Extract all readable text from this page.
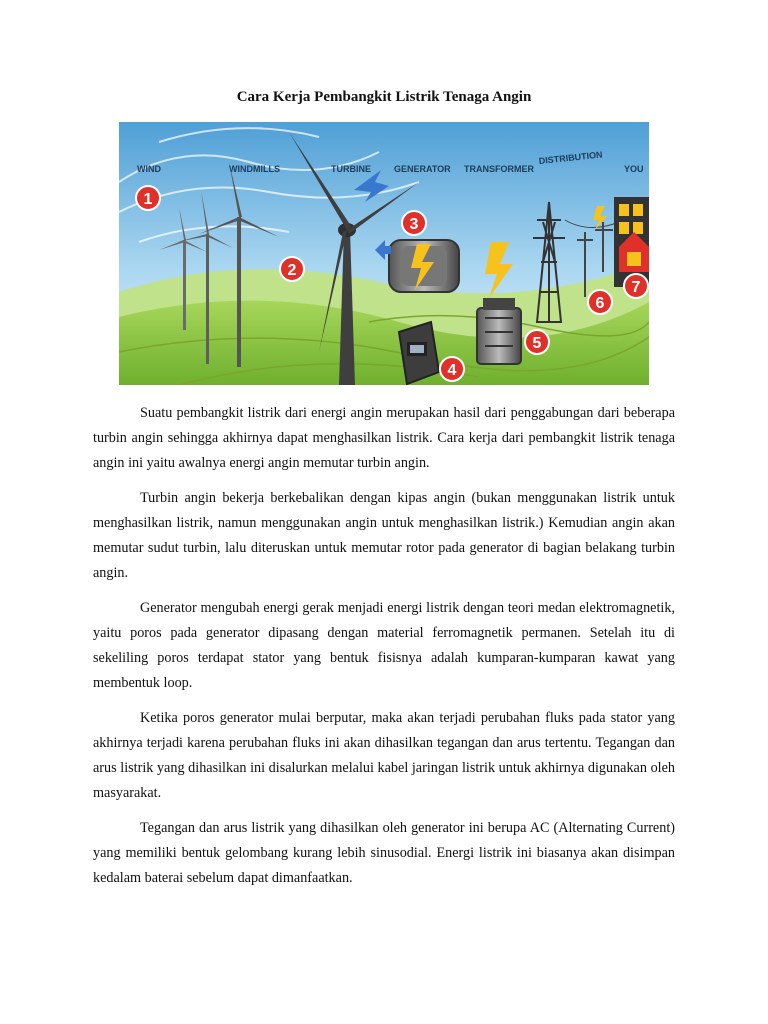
Cara Kerja Pembangkit Listrik Tenaga Angin
WIND	WINDMILLS	TURBINE	GENERATOR TRANSFORMER
DISTRIBUTION
YOU
1
2
3
4
5
6
7

Suatu pembangkit listrik dari energi angin merupakan hasil dari penggabungan dari beberapa turbin angin sehingga akhirnya dapat menghasilkan listrik. Cara kerja dari pembangkit listrik tenaga angin ini yaitu awalnya energi angin memutar turbin angin.

Turbin angin bekerja berkebalikan dengan kipas angin (bukan menggunakan listrik untuk menghasilkan listrik, namun menggunakan angin untuk menghasilkan listrik.) Kemudian angin akan memutar sudut turbin, lalu diteruskan untuk memutar rotor pada generator di bagian belakang turbin angin.

Generator mengubah energi gerak menjadi energi listrik dengan teori medan elektromagnetik, yaitu poros pada generator dipasang dengan material ferromagnetik permanen. Setelah itu di sekeliling poros terdapat stator yang bentuk fisisnya adalah kumparan-kumparan kawat yang membentuk loop.

Ketika poros generator mulai berputar, maka akan terjadi perubahan fluks pada stator yang akhirnya terjadi karena perubahan fluks ini akan dihasilkan tegangan dan arus tertentu. Tegangan dan arus listrik yang dihasilkan ini disalurkan melalui kabel jaringan listrik untuk akhirnya digunakan oleh masyarakat.

Tegangan dan arus listrik yang dihasilkan oleh generator ini berupa AC (Alternating Current) yang memiliki bentuk gelombang kurang lebih sinusodial. Energi listrik ini biasanya akan disimpan kedalam baterai sebelum dapat dimanfaatkan.
